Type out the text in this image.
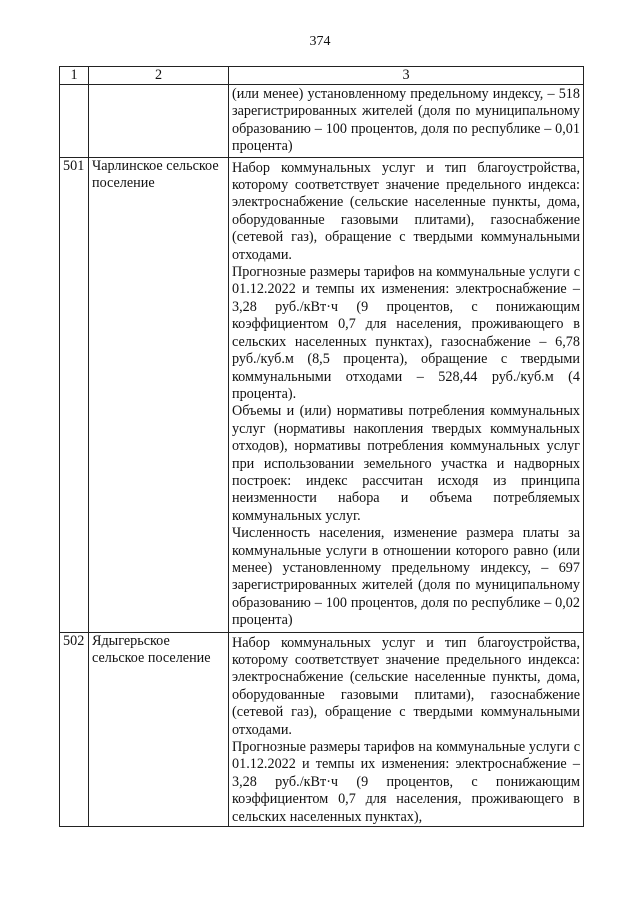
374
1	2	3

		(или менее) установленному предельному индексу, – 518 зарегистрированных жителей (доля по муниципальному образованию – 100 процентов, доля по республике – 0,01 процента)

501	Чарлинское сельское поселение	Набор коммунальных услуг и тип благоустройства, которому соответствует значение предельного индекса: электроснабжение (сельские населенные пункты, дома, оборудованные газовыми плитами), газоснабжение (сетевой газ), обращение с твердыми коммунальными отходами.

Прогнозные размеры тарифов на коммунальные услуги с 01.12.2022 и темпы их изменения: электроснабжение – 3,28 руб./кВт·ч (9 процентов, с понижающим коэффициентом 0,7 для населения, проживающего в сельских населенных пунктах), газоснабжение – 6,78 руб./куб.м (8,5 процента), обращение с твердыми коммунальными отходами – 528,44 руб./куб.м (4 процента).

Объемы и (или) нормативы потребления коммунальных услуг (нормативы накопления твердых коммунальных отходов), нормативы потребления коммунальных услуг при использовании земельного участка и надворных построек: индекс рассчитан исходя из принципа неизменности набора и объема потребляемых коммунальных услуг.

Численность населения, изменение размера платы за коммунальные услуги в отношении которого равно (или менее) установленному предельному индексу, – 697 зарегистрированных жителей (доля по муниципальному образованию – 100 процентов, доля по республике – 0,02 процента)

502	Ядыгерьское сельское поселение	Набор коммунальных услуг и тип благоустройства, которому соответствует значение предельного индекса: электроснабжение (сельские населенные пункты, дома, оборудованные газовыми плитами), газоснабжение (сетевой газ), обращение с твердыми коммунальными отходами.

Прогнозные размеры тарифов на коммунальные услуги с 01.12.2022 и темпы их изменения: электроснабжение – 3,28 руб./кВт·ч (9 процентов, с понижающим коэффициентом 0,7 для населения, проживающего в сельских населенных пунктах),
